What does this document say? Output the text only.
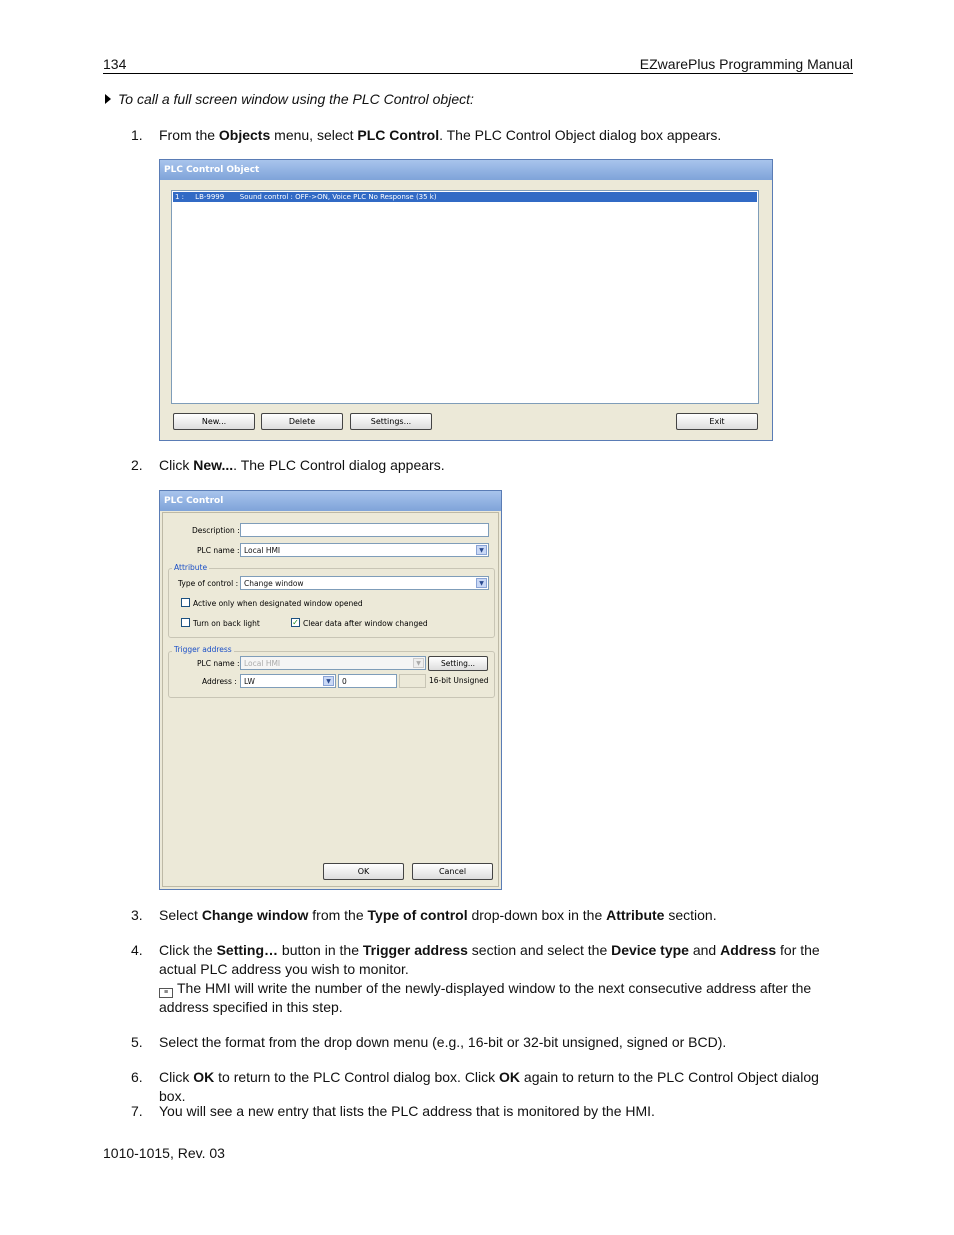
134	EZwarePlus Programming Manual
To call a full screen window using the PLC Control object:
1. From the Objects menu, select PLC Control. The PLC Control Object dialog box appears.
PLC Control Object
1 :     LB-9999       Sound control : OFF->ON, Voice PLC No Response (35 k)
New...	Delete	Settings...	Exit
2. Click New.... The PLC Control dialog appears.
PLC Control
Description :
PLC name : Local HMI	▼
Attribute
Type of control : Change window	▼
Active only when designated window opened
Turn on back light	✓ Clear data after window changed
Trigger address
PLC name : Local HMI	▼	Setting...
Address : LW	▼	0	16-bit Unsigned
OK	Cancel
3. Select Change window from the Type of control drop-down box in the Attribute section.
4. Click the Setting… button in the Trigger address section and select the Device type and Address for the actual PLC address you wish to monitor.
≡ The HMI will write the number of the newly-displayed window to the next consecutive address after the address specified in this step.
5. Select the format from the drop down menu (e.g., 16-bit or 32-bit unsigned, signed or BCD).
6. Click OK to return to the PLC Control dialog box. Click OK again to return to the PLC Control Object dialog box.
7. You will see a new entry that lists the PLC address that is monitored by the HMI.
1010-1015, Rev. 03
